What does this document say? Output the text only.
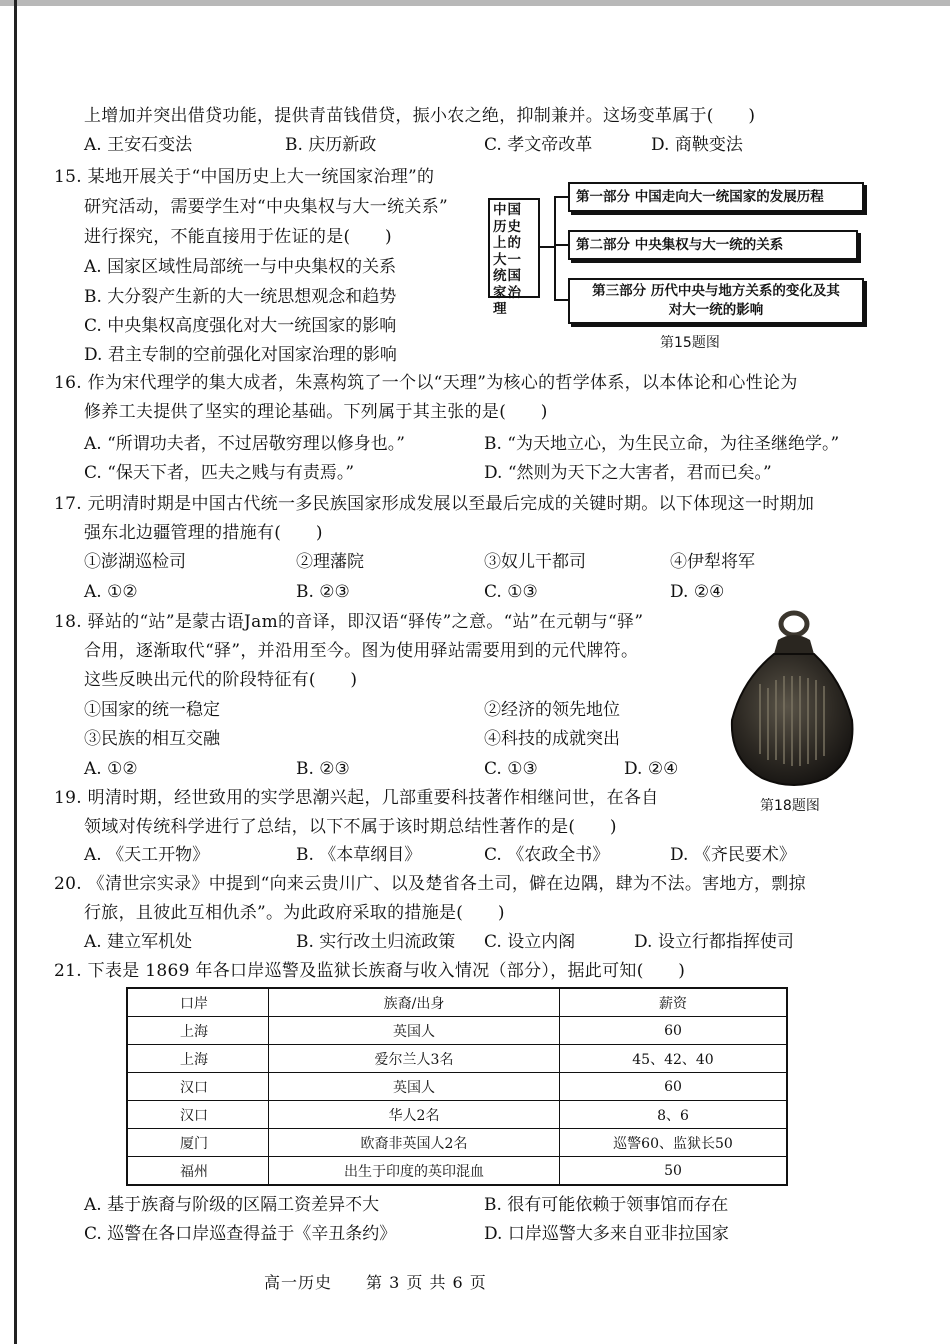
上增加并突出借贷功能，提供青苗钱借贷，振小农之绝，抑制兼并。这场变革属于(　　)
A. 王安石变法	B. 庆历新政	C. 孝文帝改革	D. 商鞅变法
15. 某地开展关于“中国历史上大一统国家治理”的
研究活动，需要学生对“中央集权与大一统关系”
进行探究，不能直接用于佐证的是(　　)
A. 国家区域性局部统一与中央集权的关系
B. 大分裂产生新的大一统思想观念和趋势
C. 中央集权高度强化对大一统国家的影响
D. 君主专制的空前强化对国家治理的影响
中国历史上的大一统国家治理
第一部分 中国走向大一统国家的发展历程
第二部分 中央集权与大一统的关系
第三部分 历代中央与地方关系的变化及其
对大一统的影响
第15题图
16. 作为宋代理学的集大成者，朱熹构筑了一个以“天理”为核心的哲学体系，以本体论和心性论为
修养工夫提供了坚实的理论基础。下列属于其主张的是(　　)
A. “所谓功夫者，不过居敬穷理以修身也。”	B. “为天地立心，为生民立命，为往圣继绝学。”
C. “保天下者，匹夫之贱与有责焉。”	D. “然则为天下之大害者，君而已矣。”
17. 元明清时期是中国古代统一多民族国家形成发展以至最后完成的关键时期。以下体现这一时期加
强东北边疆管理的措施有(　　)
①澎湖巡检司	②理藩院	③奴儿干都司	④伊犁将军
A. ①②	B. ②③	C. ①③	D. ②④
18. 驿站的“站”是蒙古语Jam的音译，即汉语“驿传”之意。“站”在元朝与“驿”
合用，逐渐取代“驿”，并沿用至今。图为使用驿站需要用到的元代牌符。
这些反映出元代的阶段特征有(　　)
①国家的统一稳定	②经济的领先地位
③民族的相互交融	④科技的成就突出
A. ①②	B. ②③	C. ①③	D. ②④
第18题图
19. 明清时期，经世致用的实学思潮兴起，几部重要科技著作相继问世，在各自
领域对传统科学进行了总结，以下不属于该时期总结性著作的是(　　)
A. 《天工开物》	B. 《本草纲目》	C. 《农政全书》	D. 《齐民要术》
20. 《清世宗实录》中提到“向来云贵川广、以及楚省各土司，僻在边隅，肆为不法。害地方，剽掠
行旅，且彼此互相仇杀”。为此政府采取的措施是(　　)
A. 建立军机处	B. 实行改土归流政策 C. 设立内阁	D. 设立行都指挥使司
21. 下表是 1869 年各口岸巡警及监狱长族裔与收入情况（部分），据此可知(　　)
口岸	族裔/出身	薪资
上海	英国人	60
上海	爱尔兰人3名	45、42、40
汉口	英国人	60
汉口	华人2名	8、6
厦门	欧裔非英国人2名	巡警60、监狱长50
福州	出生于印度的英印混血	50
A. 基于族裔与阶级的区隔工资差异不大	B. 很有可能依赖于领事馆而存在
C. 巡警在各口岸巡查得益于《辛丑条约》	D. 口岸巡警大多来自亚非拉国家
高一历史　　第 3 页 共 6 页
